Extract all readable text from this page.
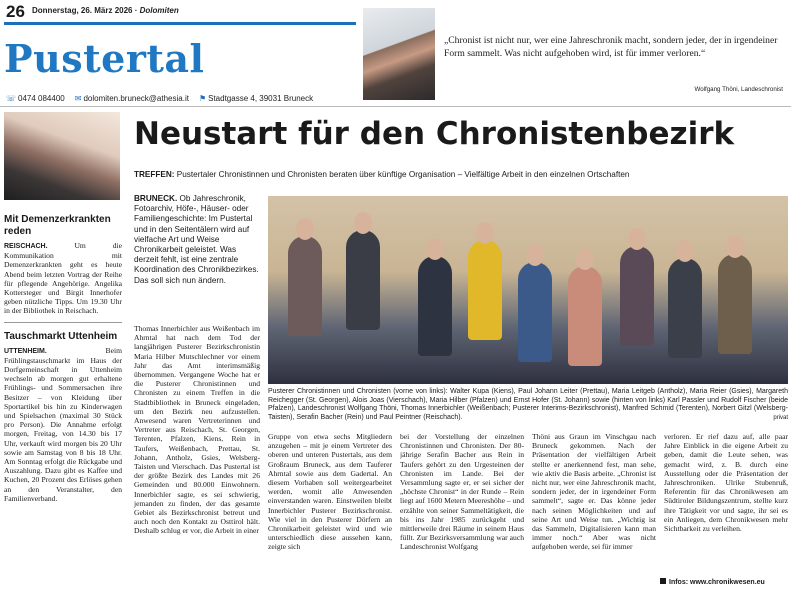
26 Donnerstag, 26. März 2026 · Dolomiten
Pustertal
☏ 0474 084400 ✉ dolomiten.bruneck@athesia.it ⚑ Stadtgasse 4, 39031 Bruneck
„Chronist ist nicht nur, wer eine Jahreschronik macht, sondern jeder, der in irgendeiner Form sammelt. Was nicht aufgehoben wird, ist für immer verloren.“
Wolfgang Thöni, Landeschronist
Mit Demenzerkrankten reden
REISCHACH.	Um die Kommunikation mit Demenzerkrankten geht es heute Abend beim letzten Vortrag der Reihe für pflegende Angehörige. Angelika Kottersteger und Birgit Innerhofer geben nützliche Tipps. Um 19.30 Uhr in der Bibliothek in Reischach.
Tauschmarkt Uttenheim
UTTENHEIM.	Beim Frühlingstauschmarkt im Haus der Dorfgemeinschaft in Uttenheim wechseln ab morgen gut erhaltene Frühlings- und Sommersachen ihre Besitzer – von Kleidung über Sportartikel bis hin zu Kinderwagen und Spielsachen (maximal 30 Stück pro Person). Die Annahme erfolgt morgen, Freitag, von 14.30 bis 17 Uhr, verkauft wird morgen bis 20 Uhr sowie am Samstag von 8 bis 18 Uhr. Am Sonntag erfolgt die Rückgabe und Auszahlung. Dazu gibt es Kaffee und Kuchen, 20 Prozent des Erlöses gehen an den Veranstalter, den Familienverband.
Neustart für den Chronistenbezirk
TREFFEN: Pustertaler Chronistinnen und Chronisten beraten über künftige Organisation – Vielfältige Arbeit in den einzelnen Ortschaften
BRUNECK. Ob Jahreschronik, Fotoarchiv, Höfe-, Häuser- oder Familiengeschichte: Im Pustertal und in den Seitentälern wird auf vielfache Art und Weise Chronikarbeit geleistet. Was derzeit fehlt, ist eine zentrale Koordination des Chronikbezirkes. Das soll sich nun ändern.
Thomas Innerbichler aus Weißenbach im Ahrntal hat nach dem Tod der langjährigen Pusterer Bezirkschronistin Maria Hilber Mutschlechner vor einem Jahr das Amt interimsmäßig übernommen. Vergangene Woche hat er die Pusterer Chronistinnen und Chronisten zu einem Treffen in die Stadtbibliothek in Bruneck eingeladen, um den Bezirk neu aufzustellen. Anwesend waren Vertreterinnen und Vertreter aus Reischach, St. Georgen, Terenten, Pfalzen, Kiens, Rein in Taufers, Weißenbach, Prettau, St. Johann, Antholz, Gsies, Welsberg-Taisten und Vierschach. Das Pustertal ist der größte Bezirk des Landes mit 26 Gemeinden und 80.000 Einwohnern. Innerbichler sagte, es sei schwierig, jemanden zu finden, der das gesamte Gebiet als Bezirkschronist betreut und auch noch den Kontakt zu Osttirol hält. Deshalb schlug er vor, die Arbeit in einer
Pusterer Chronistinnen und Chronisten (vorne von links): Walter Kupa (Kiens), Paul Johann Leiter (Prettau), Maria Leitgeb (Antholz), Maria Reier (Gsies), Margareth Reichegger (St. Georgen), Alois Joas (Vierschach), Maria Hilber (Pfalzen) und Ernst Hofer (St. Johann) sowie (hinten von links) Karl Passler und Rudolf Fischer (beide Pfalzen), Landeschronist Wolfgang Thöni, Thomas Innerbichler (Weißenbach; Pusterer Interims-Bezirkschronist), Manfred Schmid (Terenten), Norbert Gitzl (Welsberg-Taisten), Serafin Bacher (Rein) und Paul Peintner (Reischach).	privat
Gruppe von etwa sechs Mitgliedern anzugehen – mit je einem Vertreter des oberen und unteren Pustertals, aus dem Großraum Bruneck, aus dem Tauferer Ahrntal sowie aus dem Gadertal. An diesem Vorhaben soll weitergearbeitet werden, womit alle Anwesenden einverstanden waren. Einstweilen bleibt Innerbichler Pusterer Bezirkschronist. Wie viel in den Pusterer Dörfern an Chronikarbeit geleistet wird und wie unterschiedlich diese aussehen kann, zeigte sich
bei der Vorstellung der einzelnen Chronistinnen und Chronisten. Der 80-jährige Serafin Bacher aus Rein in Taufers gehört zu den Urgesteinen der Chronisten im Lande. Bei der Versammlung sagte er, er sei sicher der „höchste Chronist“ in der Runde – Rein liegt auf 1600 Metern Meereshöhe – und erzählte von seiner Sammeltätigkeit, die bis ins Jahr 1985 zurückgeht und mittlerweile drei Räume in seinem Haus füllt. Zur Bezirksversammlung war auch Landeschronist Wolfgang
Thöni aus Graun im Vinschgau nach Bruneck gekommen. Nach der Präsentation der vielfältigen Arbeit stellte er anerkennend fest, man sehe, wie aktiv die Basis arbeite. „Chronist ist nicht nur, wer eine Jahreschronik macht, sondern jeder, der in irgendeiner Form sammelt“, sagte er. Das könne jeder nach seinen Möglichkeiten und auf seine Art und Weise tun. „Wichtig ist das Sammeln, Digitalisieren kann man immer noch.“ Aber was nicht aufgehoben werde, sei für immer
verloren. Er rief dazu auf, alle paar Jahre Einblick in die eigene Arbeit zu geben, damit die Leute sehen, was gemacht wird, z. B. durch eine Ausstellung oder die Präsentation der Jahreschroniken. Ulrike Stubenruß, Referentin für das Chronikwesen am Südtiroler Bildungszentrum, stellte kurz ihre Tätigkeit vor und sagte, ihr sei es ein Anliegen, dem Chronikwesen mehr Sichtbarkeit zu verleihen.
Infos: www.chronikwesen.eu
